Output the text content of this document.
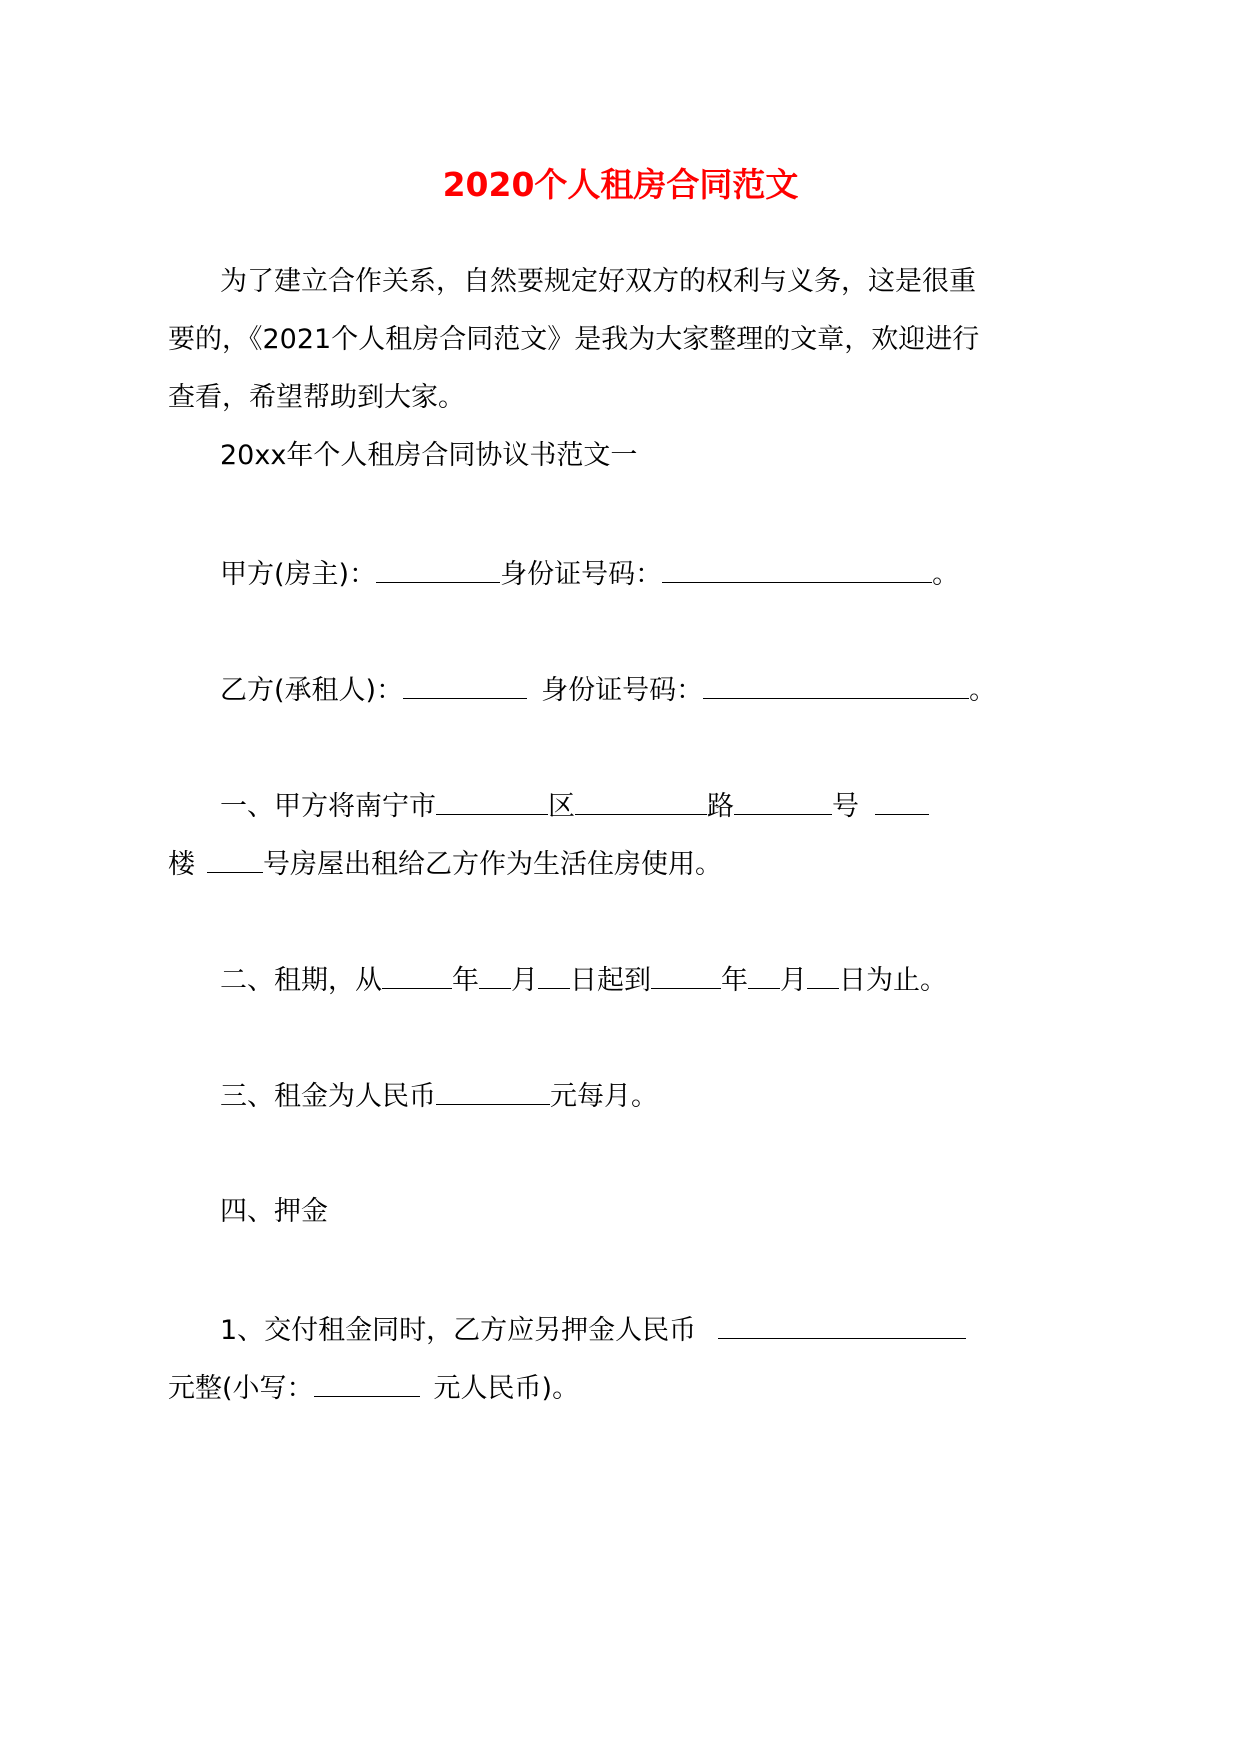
2020个人租房合同范文
为了建立合作关系，自然要规定好双方的权利与义务，这是很重
要的，《2021个人租房合同范文》是我为大家整理的文章，欢迎进行
查看，希望帮助到大家。
20xx年个人租房合同协议书范文一
甲方(房主)：	身份证号码：	。
乙方(承租人)：	身份证号码：	。
一、甲方将南宁市	区	路	号
楼	号房屋出租给乙方作为生活住房使用。
二、租期，从	年 月 日起到	年 月 日为止。
三、租金为人民币	元每月。
四、押金
1、交付租金同时，乙方应另押金人民币
元整(小写：	元人民币)。
